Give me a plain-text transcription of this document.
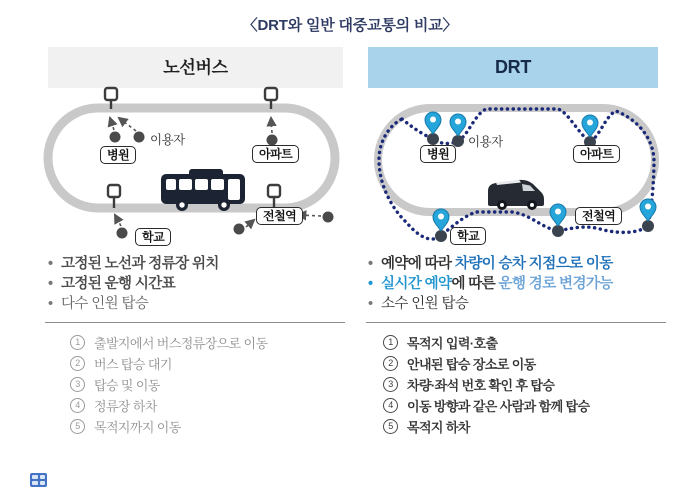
〈DRT와 일반 대중교통의 비교〉
노선버스	DRT
병원	아파트
학교
전철역
이용자
병원	아파트
학교
전철역
이용자
• 고정된 노선과 정류장 위치
• 고정된 운행 시간표
• 다수 인원 탑승
• 예약에 따라 차량이 승차 지점으로 이동
• 실시간 예약에 따른 운행 경로 변경가능
• 소수 인원 탑승
1	출발지에서 버스정류장으로 이동
2	버스 탑승 대기
3	탑승 및 이동
4	정류장 하차
5	목적지까지 이동
1	목적지 입력·호출
2	안내된 탑승 장소로 이동
3	차량·좌석 번호 확인 후 탑승
4	이동 방향과 같은 사람과 함께 탑승
5	목적지 하차
